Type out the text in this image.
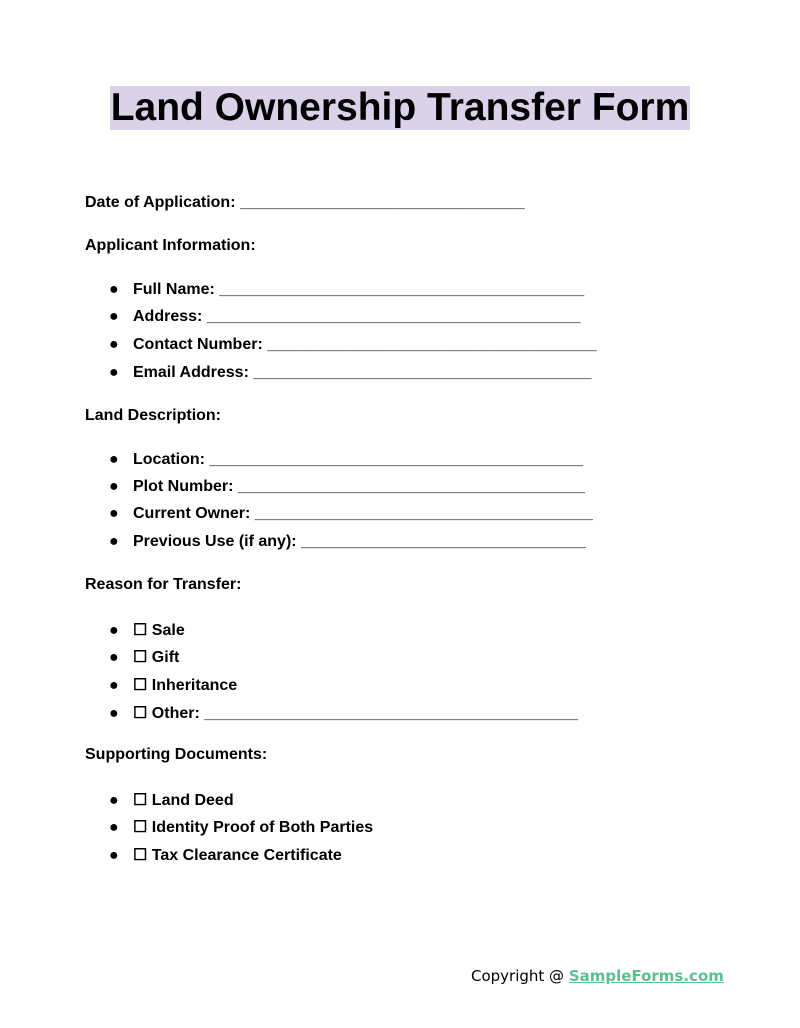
Land Ownership Transfer Form
Date of Application: ________________________________
Applicant Information:
● Full Name: _________________________________________
● Address: __________________________________________
● Contact Number: _____________________________________
● Email Address: ______________________________________
Land Description:
● Location: __________________________________________
● Plot Number: _______________________________________
● Current Owner: ______________________________________
● Previous Use (if any): ________________________________
Reason for Transfer:
● ☐ Sale
● ☐ Gift
● ☐ Inheritance
● ☐ Other: __________________________________________
Supporting Documents:
● ☐ Land Deed
● ☐ Identity Proof of Both Parties
● ☐ Tax Clearance Certificate
Copyright @ SampleForms.com
